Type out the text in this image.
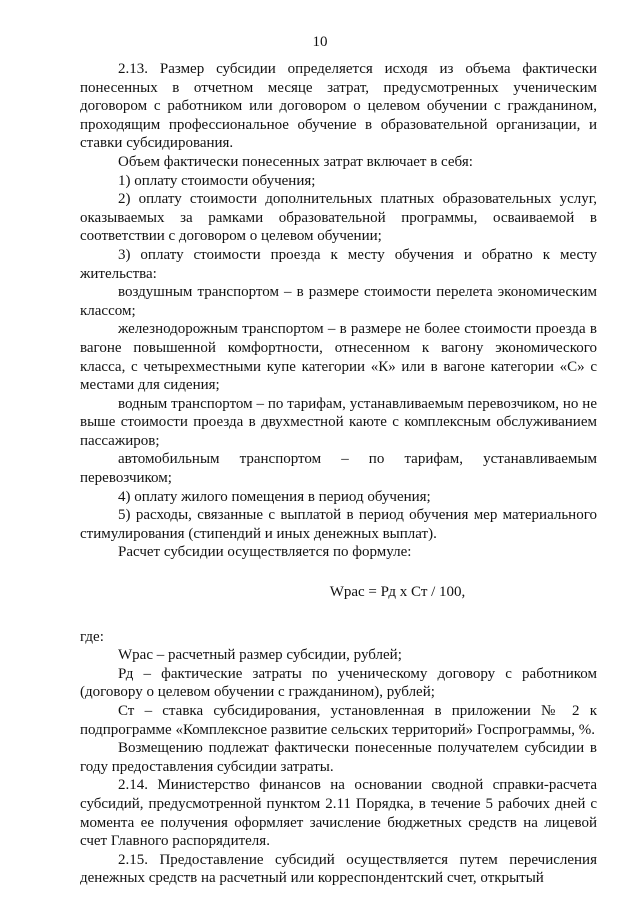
10

2.13. Размер субсидии определяется исходя из объема фактически понесенных в отчетном месяце затрат, предусмотренных ученическим договором с работником или договором о целевом обучении с гражданином, проходящим профессиональное обучение в образовательной организации, и ставки субсидирования.

Объем фактически понесенных затрат включает в себя:

1) оплату стоимости обучения;

2) оплату стоимости дополнительных платных образовательных услуг, оказываемых за рамками образовательной программы, осваиваемой в соответствии с договором о целевом обучении;

3) оплату стоимости проезда к месту обучения и обратно к месту жительства:

воздушным транспортом – в размере стоимости перелета экономическим классом;

железнодорожным транспортом – в размере не более стоимости проезда в вагоне повышенной комфортности, отнесенном к вагону экономического класса, с четырехместными купе категории «К» или в вагоне категории «С» с местами для сидения;

водным транспортом – по тарифам, устанавливаемым перевозчиком, но не выше стоимости проезда в двухместной каюте с комплексным обслуживанием пассажиров;

автомобильным транспортом – по тарифам, устанавливаемым перевозчиком;

4) оплату жилого помещения в период обучения;

5) расходы, связанные с выплатой в период обучения мер материального стимулирования (стипендий и иных денежных выплат).

Расчет субсидии осуществляется по формуле:

Wрас = Рд х Ст / 100,

где:

Wрас – расчетный размер субсидии, рублей;

Рд – фактические затраты по ученическому договору с работником (договору о целевом обучении с гражданином), рублей;

Ст – ставка субсидирования, установленная в приложении № 2 к подпрограмме «Комплексное развитие сельских территорий» Госпрограммы, %.

Возмещению подлежат фактически понесенные получателем субсидии в году предоставления субсидии затраты.

2.14. Министерство финансов на основании сводной справки-расчета субсидий, предусмотренной пунктом 2.11 Порядка, в течение 5 рабочих дней с момента ее получения оформляет зачисление бюджетных средств на лицевой счет Главного распорядителя.

2.15. Предоставление субсидий осуществляется путем перечисления денежных средств на расчетный или корреспондентский счет, открытый
